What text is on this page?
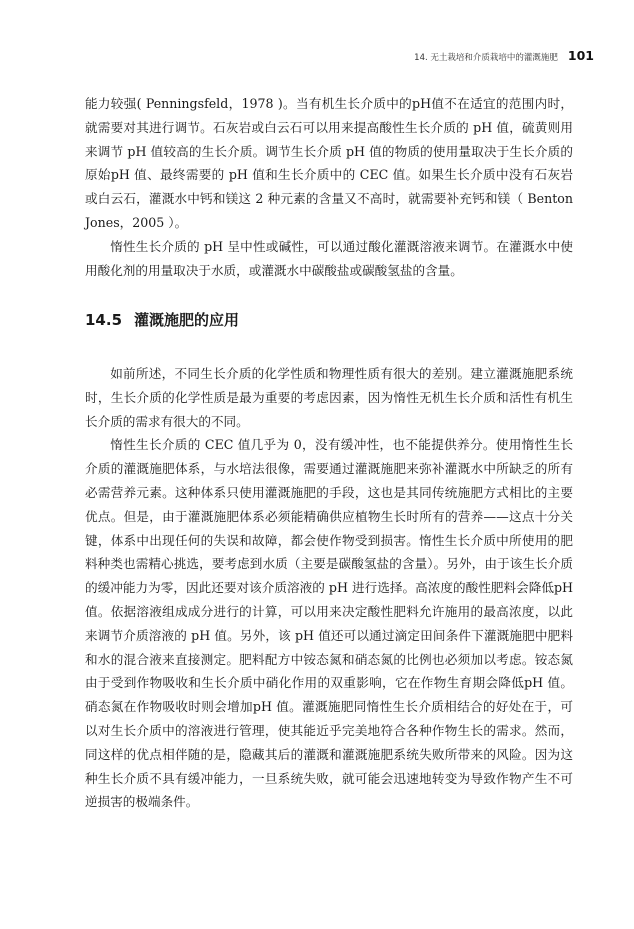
14. 无土栽培和介质栽培中的灌溉施肥 101

能力较强( Penningsfeld，1978 )。当有机生长介质中的pH值不在适宜的范围内时，就需要对其进行调节。石灰岩或白云石可以用来提高酸性生长介质的 pH 值，硫黄则用来调节 pH 值较高的生长介质。调节生长介质 pH 值的物质的使用量取决于生长介质的原始pH 值、最终需要的 pH 值和生长介质中的 CEC 值。如果生长介质中没有石灰岩或白云石，灌溉水中钙和镁这 2 种元素的含量又不高时，就需要补充钙和镁（ Benton Jones，2005 ）。

惰性生长介质的 pH 呈中性或碱性，可以通过酸化灌溉溶液来调节。在灌溉水中使用酸化剂的用量取决于水质，或灌溉水中碳酸盐或碳酸氢盐的含量。

14.5 灌溉施肥的应用

如前所述，不同生长介质的化学性质和物理性质有很大的差别。建立灌溉施肥系统时，生长介质的化学性质是最为重要的考虑因素，因为惰性无机生长介质和活性有机生长介质的需求有很大的不同。

惰性生长介质的 CEC 值几乎为 0，没有缓冲性，也不能提供养分。使用惰性生长介质的灌溉施肥体系，与水培法很像，需要通过灌溉施肥来弥补灌溉水中所缺乏的所有必需营养元素。这种体系只使用灌溉施肥的手段，这也是其同传统施肥方式相比的主要优点。但是，由于灌溉施肥体系必须能精确供应植物生长时所有的营养——这点十分关键，体系中出现任何的失误和故障，都会使作物受到损害。惰性生长介质中所使用的肥料种类也需精心挑选，要考虑到水质（主要是碳酸氢盐的含量）。另外，由于该生长介质的缓冲能力为零，因此还要对该介质溶液的 pH 进行选择。高浓度的酸性肥料会降低pH 值。依据溶液组成成分进行的计算，可以用来决定酸性肥料允许施用的最高浓度，以此来调节介质溶液的 pH 值。另外，该 pH 值还可以通过滴定田间条件下灌溉施肥中肥料和水的混合液来直接测定。肥料配方中铵态氮和硝态氮的比例也必须加以考虑。铵态氮由于受到作物吸收和生长介质中硝化作用的双重影响，它在作物生育期会降低pH 值。硝态氮在作物吸收时则会增加pH 值。灌溉施肥同惰性生长介质相结合的好处在于，可以对生长介质中的溶液进行管理，使其能近乎完美地符合各种作物生长的需求。然而，同这样的优点相伴随的是，隐藏其后的灌溉和灌溉施肥系统失败所带来的风险。因为这种生长介质不具有缓冲能力，一旦系统失败，就可能会迅速地转变为导致作物产生不可逆损害的极端条件。
